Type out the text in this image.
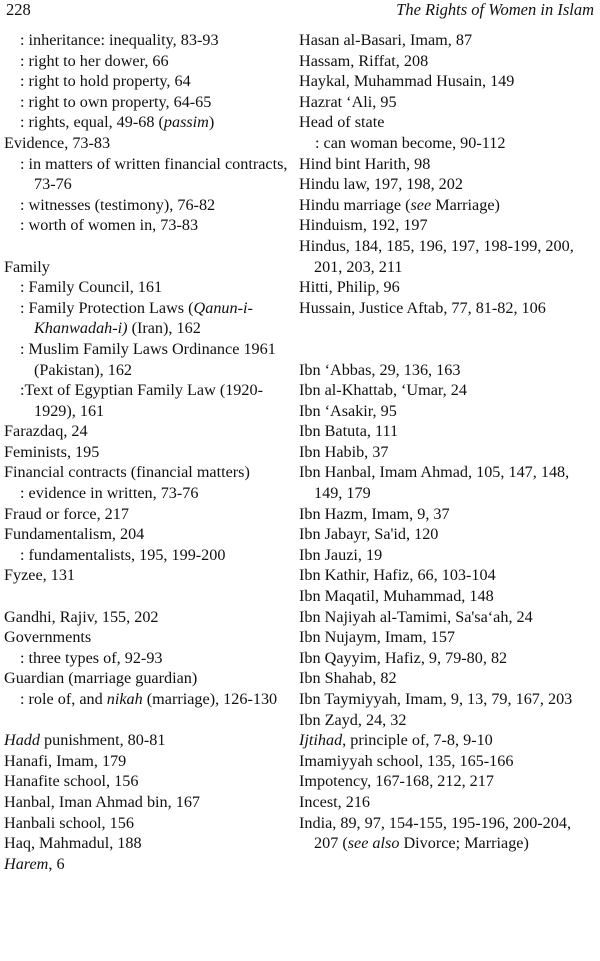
228	The Rights of Women in Islam

: inheritance: inequality, 83-93

: right to her dower, 66

: right to hold property, 64

: right to own property, 64-65

: rights, equal, 49-68 (passim)

Evidence, 73-83

: in matters of written financial contracts, 73-76

: witnesses (testimony), 76-82

: worth of women in, 73-83

Family

: Family Council, 161

: Family Protection Laws (Qanun-i-Khanwadah-i) (Iran), 162

: Muslim Family Laws Ordinance 1961 (Pakistan), 162

:Text of Egyptian Family Law (1920-1929), 161

Farazdaq, 24

Feminists, 195

Financial contracts (financial matters)

: evidence in written, 73-76

Fraud or force, 217

Fundamentalism, 204

: fundamentalists, 195, 199-200

Fyzee, 131

Gandhi, Rajiv, 155, 202

Governments

: three types of, 92-93

Guardian (marriage guardian)

: role of, and nikah (marriage), 126-130

Hadd punishment, 80-81

Hanafi, Imam, 179

Hanafite school, 156

Hanbal, Iman Ahmad bin, 167

Hanbali school, 156

Haq, Mahmadul, 188

Harem, 6

Hasan al-Basari, Imam, 87

Hassam, Riffat, 208

Haykal, Muhammad Husain, 149

Hazrat ‘Ali, 95

Head of state

: can woman become, 90-112

Hind bint Harith, 98

Hindu law, 197, 198, 202

Hindu marriage (see Marriage)

Hinduism, 192, 197

Hindus, 184, 185, 196, 197, 198-199, 200, 201, 203, 211

Hitti, Philip, 96

Hussain, Justice Aftab, 77, 81-82, 106

Ibn ‘Abbas, 29, 136, 163

Ibn al-Khattab, ‘Umar, 24

Ibn ‘Asakir, 95

Ibn Batuta, 111

Ibn Habib, 37

Ibn Hanbal, Imam Ahmad, 105, 147, 148, 149, 179

Ibn Hazm, Imam, 9, 37

Ibn Jabayr, Sa'id, 120

Ibn Jauzi, 19

Ibn Kathir, Hafiz, 66, 103-104

Ibn Maqatil, Muhammad, 148

Ibn Najiyah al-Tamimi, Sa'sa‘ah, 24

Ibn Nujaym, Imam, 157

Ibn Qayyim, Hafiz, 9, 79-80, 82

Ibn Shahab, 82

Ibn Taymiyyah, Imam, 9, 13, 79, 167, 203

Ibn Zayd, 24, 32

Ijtihad, principle of, 7-8, 9-10

Imamiyyah school, 135, 165-166

Impotency, 167-168, 212, 217

Incest, 216

India, 89, 97, 154-155, 195-196, 200-204, 207 (see also Divorce; Marriage)
